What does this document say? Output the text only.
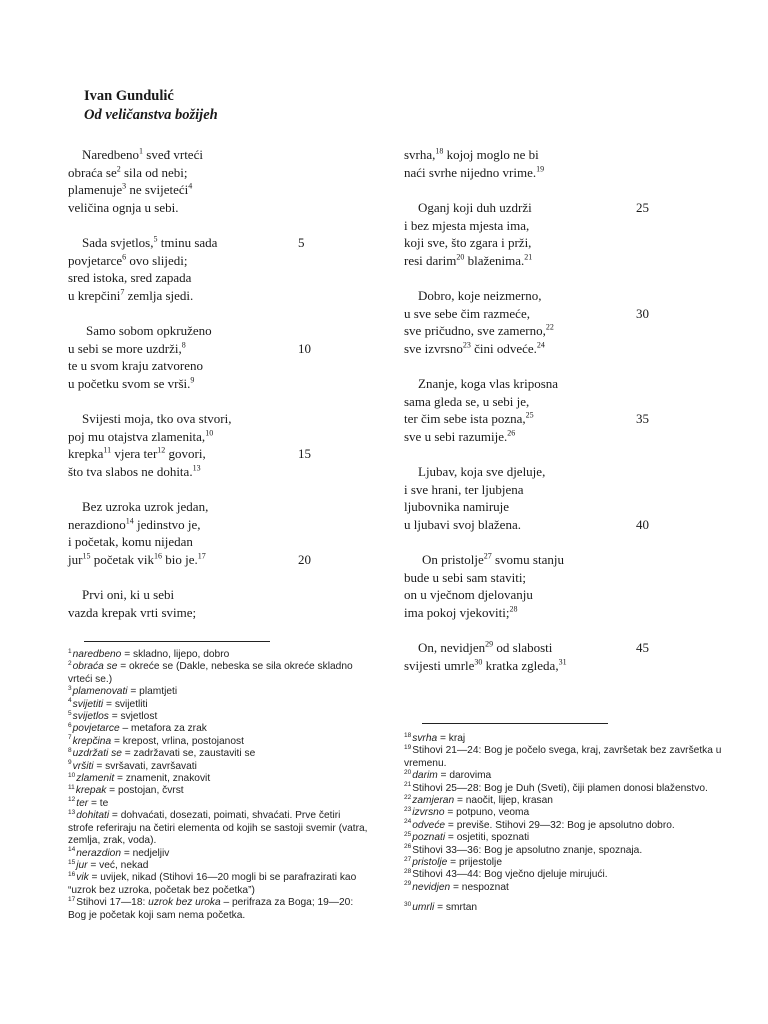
Ivan Gundulić
Od veličanstva božijeh
Naredbeno$^1$ sveđ vrteći
obraća $se^2$ sila od nebi;
plamenuje$^3$ ne svijeteći$^4$
veličina ognja u sebi.
Sada svjetlos,$^5$ tminu sada	5
povjetarce$^6$ ovo slijedi;
sred istoka, sred zapada
u krepčini$^7$ zemlja sjedi.
Samo sobom opkruženo
u sebi se more uzdrži,$^8$	10
te u svom kraju zatvoreno
u početku svom se vrši.$^9$
Svijesti moja, tko ova stvori,
poj mu otajstva zlamenita,$^{10}$
krepka$^{11}$ vjera ter$^{12}$ govori,	15
što tva slabos ne dohita.$^{13}$
Bez uzroka uzrok jedan,
nerazdiono$^{14}$ jedinstvo je,
i početak, komu nijedan
jur$^{15}$ početak vik$^{16}$ bio je.$^{17}$	20
Prvi oni, ki u sebi
vazda krepak vrti svime;
svrha,$^{18}$ kojoj moglo ne bi
naći svrhe nijedno vrime.$^{19}$
Oganj koji duh uzdrži	25
i bez mjesta mjesta ima,
koji sve, što zgara i prži,
resi darim$^{20}$ blaženima.$^{21}$
Dobro, koje neizmerno,
u sve sebe čim razmeće,	30
sve pričudno, sve zamerno,$^{22}$
sve izvrsno$^{23}$ čini odveće.$^{24}$
Znanje, koga vlas kriposna
sama gleda se, u sebi je,
ter čim sebe ista pozna,$^{25}$	35
sve u sebi razumije.$^{26}$
Ljubav, koja sve djeluje,
i sve hrani, ter ljubjena
ljubovnika namiruje
u ljubavi svoj blažena.	40
On pristolje$^{27}$ svomu stanju
bude u sebi sam staviti;
on u vječnom djelovanju
ima pokoj vjekoviti;$^{28}$
On, nevidjen$^{29}$ od slabosti	45
svijesti umrle$^{30}$ kratka zgleda,$^{31}$

$^1$naredbeno = skladno, lijepo, dobro

$^2$obraća se = okreće se (Dakle, nebeska se sila okreće skladno vrteći se.)

$^3$plamenovati = plamtjeti

$^4$svijetiti = svijetliti

$^5$svijetlos = svjetlost

$^6$povjetarce – metafora za zrak

$^7$krepčina = krepost, vrlina, postojanost

$^8$uzdržati se = zadržavati se, zaustaviti se

$^9$vršiti = svršavati, završavati

$^{10}$zlamenit = znamenit, znakovit

$^{11}$krepak = postojan, čvrst

$^{12}$ter = te

$^{13}$dohitati = dohvaćati, dosezati, poimati, shvaćati. Prve četiri strofe referiraju na četiri elementa od kojih se sastoji svemir (vatra, zemlja, zrak, voda).

$^{14}$nerazdion = nedjeljiv

$^{15}$jur = već, nekad

$^{16}$vik = uvijek, nikad (Stihovi 16—20 mogli bi se parafrazirati kao “uzrok bez uzroka, početak bez početka”)

$^{17}$Stihovi 17—18: uzrok bez uroka – perifraza za Boga; 19—20: Bog je početak koji sam nema početka.

$^{18}$svrha = kraj

$^{19}$Stihovi 21—24: Bog je počelo svega, kraj, završetak bez završetka u vremenu.

$^{20}$darim = darovima

$^{21}$Stihovi 25—28: Bog je Duh (Sveti), čiji plamen donosi blaženstvo.

$^{22}$zamjeran = naočit, lijep, krasan

$^{23}$izvrsno = potpuno, veoma

$^{24}$odveće = previše. Stihovi 29—32: Bog je apsolutno dobro.

$^{25}$poznati = osjetiti, spoznati

$^{26}$Stihovi 33—36: Bog je apsolutno znanje, spoznaja.

$^{27}$pristolje = prijestolje

$^{28}$Stihovi 43—44: Bog vječno djeluje mirujući.

$^{29}$nevidjen = nespoznat

$^{30}$umrli = smrtan
